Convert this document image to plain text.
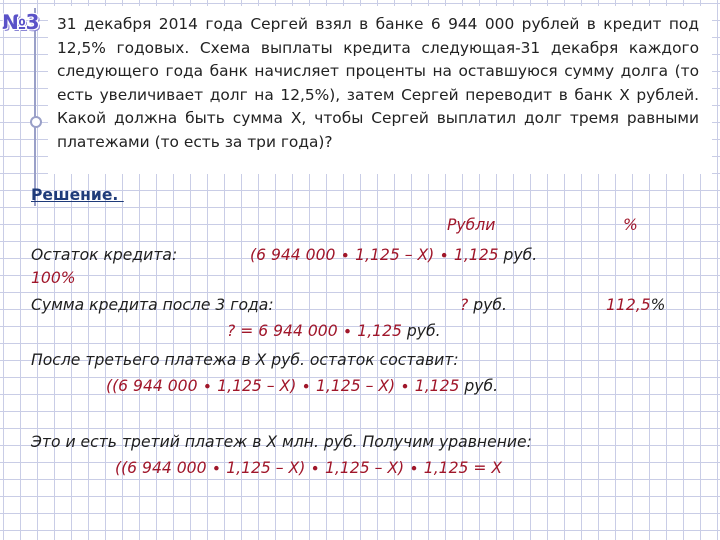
№3 31 декабря 2014 года Сергей взял в банке 6 944 000 рублей в кредит под 12,5% годовых. Схема выплаты кредита следующая-31 декабря каждого следующего года банк начисляет проценты на оставшуюся сумму долга (то есть увеличивает долг на 12,5%), затем Сергей переводит в банк Х рублей. Какой должна быть сумма Х, чтобы Сергей выплатил долг тремя равными платежами (то есть за три года)?

Решение.
Рубли	%
Остаток кредита:	(6 944 000 ∙ 1,125 – Х) ∙ 1,125 руб.
100%
Сумма кредита после 3 года:	? руб.	112,5%
? = 6 944 000 ∙ 1,125 руб.
После третьего платежа в Х руб. остаток составит:
((6 944 000 ∙ 1,125 – Х) ∙ 1,125 – Х) ∙ 1,125 руб.
Это и есть третий платеж в Х млн. руб. Получим уравнение:
((6 944 000 ∙ 1,125 – Х) ∙ 1,125 – Х) ∙ 1,125 = Х
